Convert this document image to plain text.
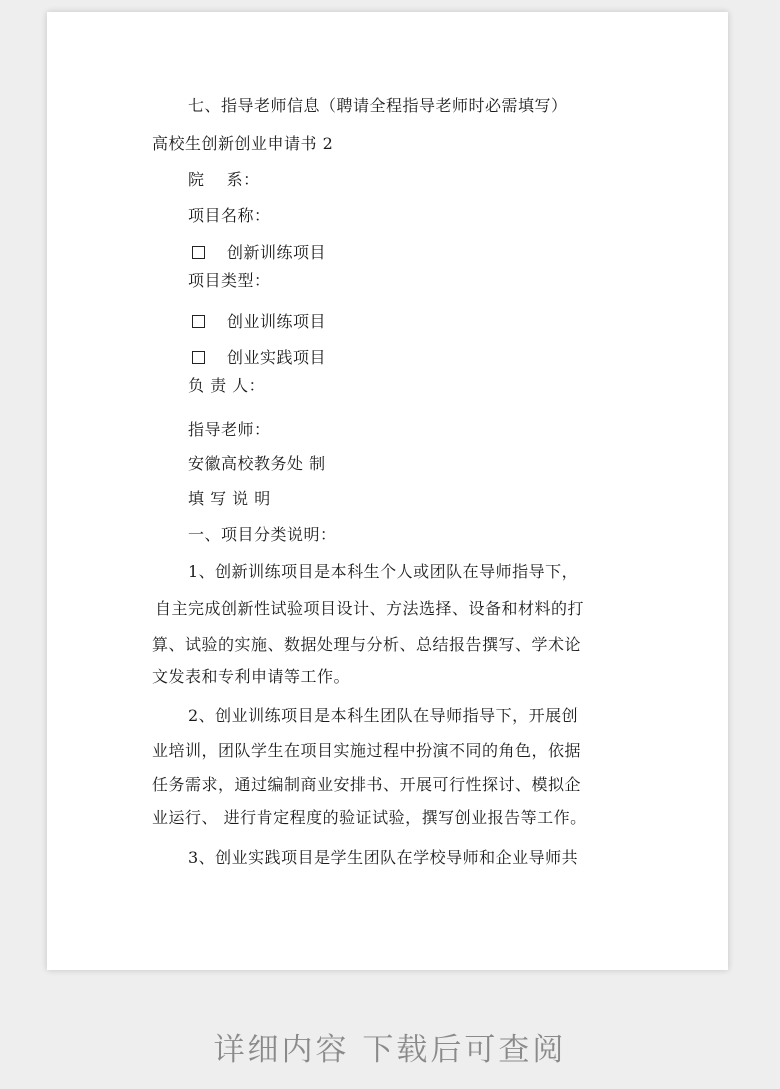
七、指导老师信息（聘请全程指导老师时必需填写）
高校生创新创业申请书 2
院　 系：
项目名称：
创新训练项目
项目类型：
创业训练项目
创业实践项目
负 责 人：
指导老师：
安徽高校教务处 制
填 写 说 明
一、项目分类说明：
1、创新训练项目是本科生个人或团队在导师指导下，
自主完成创新性试验项目设计、方法选择、设备和材料的打
算、试验的实施、数据处理与分析、总结报告撰写、学术论
文发表和专利申请等工作。
2、创业训练项目是本科生团队在导师指导下，开展创
业培训，团队学生在项目实施过程中扮演不同的角色，依据
任务需求，通过编制商业安排书、开展可行性探讨、模拟企
业运行、 进行肯定程度的验证试验，撰写创业报告等工作。
3、创业实践项目是学生团队在学校导师和企业导师共
详细内容 下载后可查阅
